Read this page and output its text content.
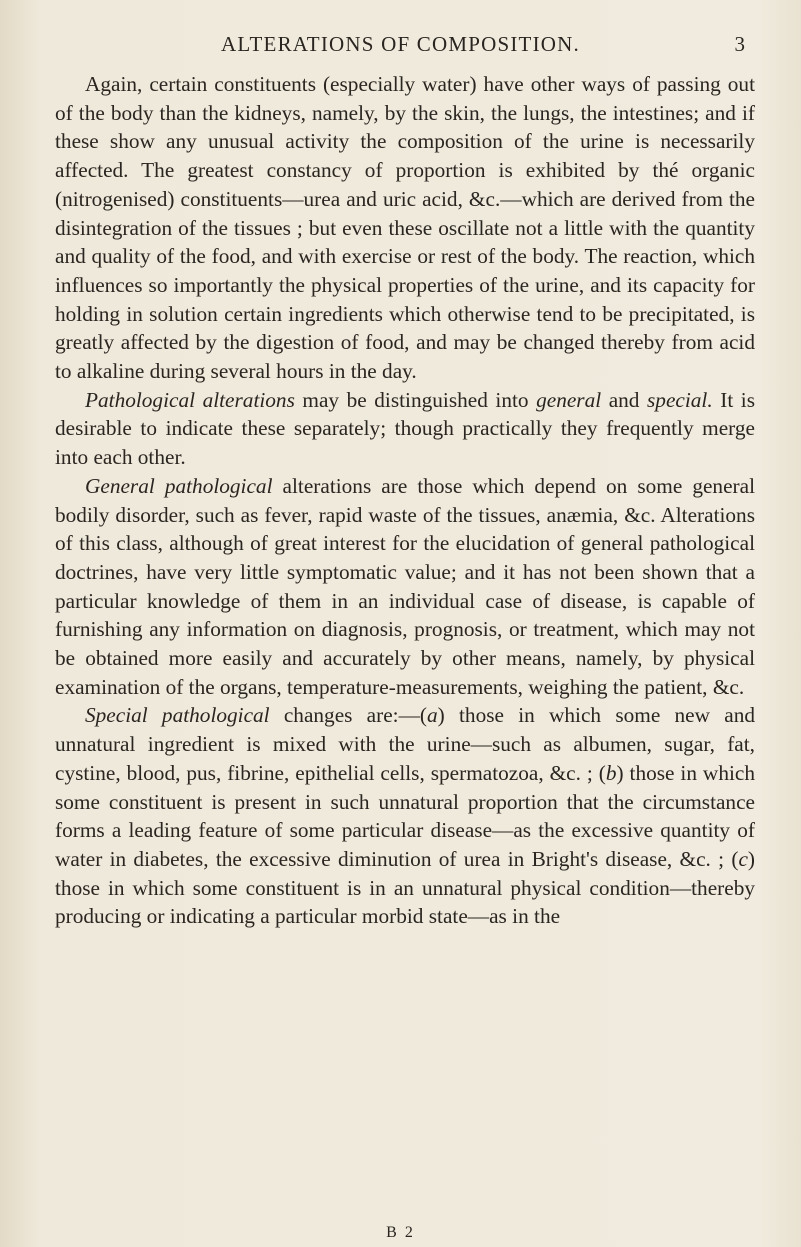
ALTERATIONS OF COMPOSITION.	3

Again, certain constituents (especially water) have other ways of passing out of the body than the kidneys, namely, by the skin, the lungs, the intestines; and if these show any unusual activity the composition of the urine is necessarily affected. The greatest constancy of proportion is exhibited by thé organic (nitrogenised) constituents—urea and uric acid, &c.—which are derived from the disintegration of the tissues ; but even these oscillate not a little with the quantity and quality of the food, and with exercise or rest of the body. The reaction, which influences so importantly the physical properties of the urine, and its capacity for holding in solution certain ingredients which otherwise tend to be precipitated, is greatly affected by the digestion of food, and may be changed thereby from acid to alkaline during several hours in the day.

Pathological alterations may be distinguished into general and special. It is desirable to indicate these separately; though practically they frequently merge into each other.

General pathological alterations are those which depend on some general bodily disorder, such as fever, rapid waste of the tissues, anæmia, &c. Alterations of this class, although of great interest for the elucidation of general pathological doctrines, have very little symptomatic value; and it has not been shown that a particular knowledge of them in an individual case of disease, is capable of furnishing any information on diagnosis, prognosis, or treatment, which may not be obtained more easily and accurately by other means, namely, by physical examination of the organs, temperature-measurements, weighing the patient, &c.

Special pathological changes are:—(a) those in which some new and unnatural ingredient is mixed with the urine—such as albumen, sugar, fat, cystine, blood, pus, fibrine, epithelial cells, spermatozoa, &c. ; (b) those in which some constituent is present in such unnatural proportion that the circumstance forms a leading feature of some particular disease—as the excessive quantity of water in diabetes, the excessive diminution of urea in Bright's disease, &c. ; (c) those in which some constituent is in an unnatural physical condition—thereby producing or indicating a particular morbid state—as in the

B 2
